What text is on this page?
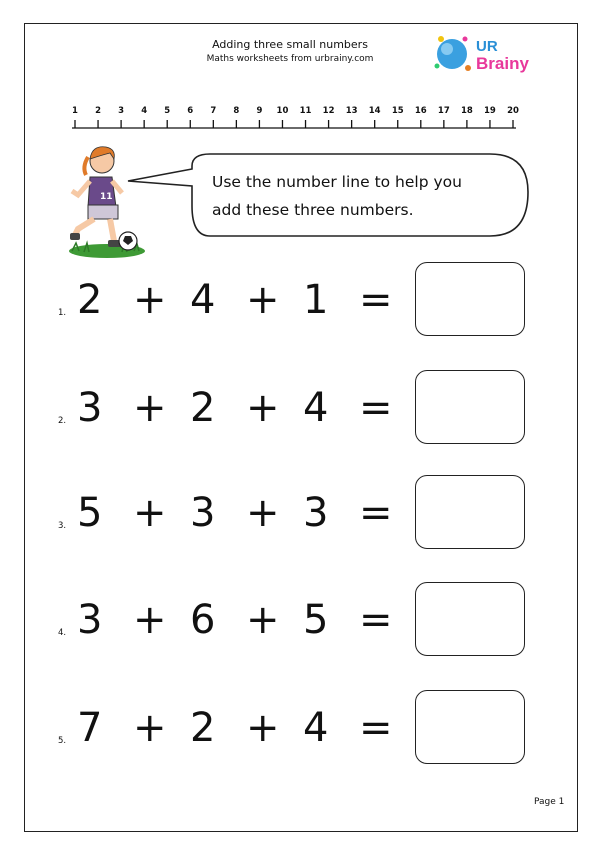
Adding three small numbers
Maths worksheets from urbrainy.com
UR
Brainy
1	2	3	4	5	6	7	8	9	10	11	12	13	14	15	16	17	18	19	20
11
Use the number line to help you
add these three numbers.
1. 2 + 4 + 1 =
2. 3 + 2 + 4 =
3. 5 + 3 + 3 =
4. 3 + 6 + 5 =
5. 7 + 2 + 4 =
Page 1
